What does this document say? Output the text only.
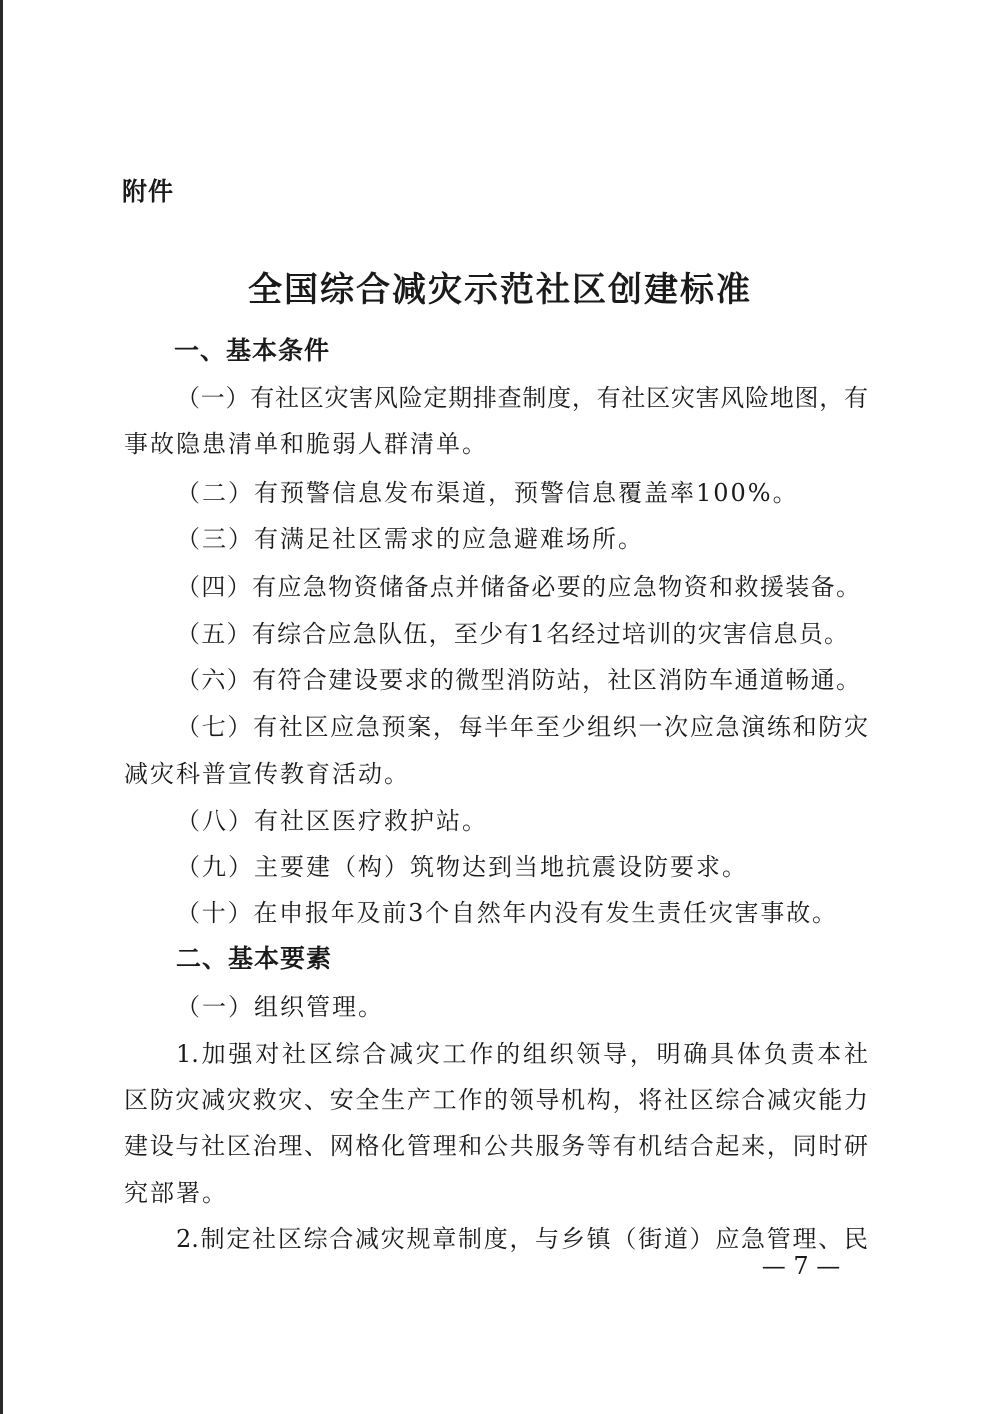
附件
全国综合减灾示范社区创建标准
一、基本条件
（一）有社区灾害风险定期排查制度，有社区灾害风险地图，有
事故隐患清单和脆弱人群清单。
（二）有预警信息发布渠道，预警信息覆盖率100%。
（三）有满足社区需求的应急避难场所。
（四）有应急物资储备点并储备必要的应急物资和救援装备。
（五）有综合应急队伍，至少有1名经过培训的灾害信息员。
（六）有符合建设要求的微型消防站，社区消防车通道畅通。
（七）有社区应急预案，每半年至少组织一次应急演练和防灾
减灾科普宣传教育活动。
（八）有社区医疗救护站。
（九）主要建（构）筑物达到当地抗震设防要求。
（十）在申报年及前3个自然年内没有发生责任灾害事故。
二、基本要素
（一）组织管理。
1.加强对社区综合减灾工作的组织领导，明确具体负责本社
区防灾减灾救灾、安全生产工作的领导机构，将社区综合减灾能力
建设与社区治理、网格化管理和公共服务等有机结合起来，同时研
究部署。
2.制定社区综合减灾规章制度，与乡镇（街道）应急管理、民
— 7 —
